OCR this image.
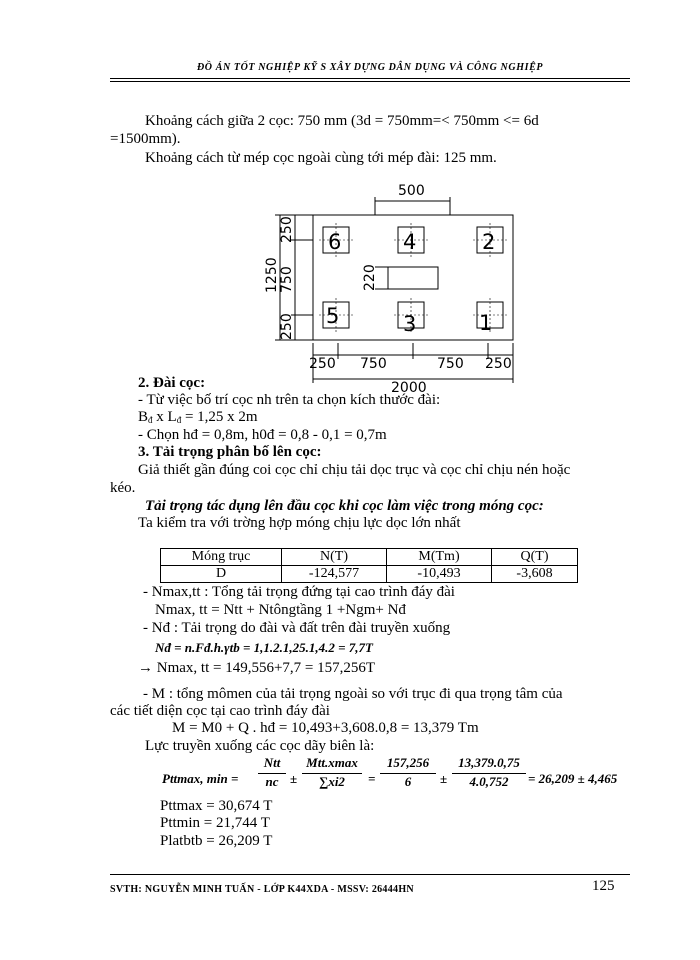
ĐỒ ÁN TỐT NGHIỆP KỸ S XÂY DỰNG DÂN DỤNG VÀ CÔNG NGHIỆP
Khoảng cách giữa 2 cọc: 750 mm (3d = 750mm=< 750mm <= 6d
=1500mm).
Khoảng cách từ mép cọc ngoài cùng tới mép đài: 125 mm.
6	4	2
5	3	1
500
1250
250
750
250
220
250 750	750 250
2000
2. Đài cọc:
- Từ việc bố trí cọc nh trên ta chọn kích thước đài:
$B_đ$ x $L_đ = 1,25$ x 2m
- Chọn hđ = 0,8m, h0đ = 0,8 - 0,1 = 0,7m
3. Tải trọng phân bố lên cọc:
Giả thiết gần đúng coi cọc chỉ chịu tải dọc trục và cọc chỉ chịu nén hoặc
kéo.
Tải trọng tác dụng lên đầu cọc khi cọc làm việc trong móng cọc:
Ta kiểm tra với trờng hợp móng chịu lực dọc lớn nhất
Móng trục	N(T)	M(Tm)	Q(T)
D	-124,577	-10,493	-3,608
- Nmax,tt : Tổng tải trọng đứng tại cao trình đáy đài
Nmax, tt = Ntt + Ntôngtầng 1 +Ngm+ Nđ
- Nđ : Tải trọng do đài và đất trên đài truyền xuống
Nđ = n.Fđ.h.γtb = 1,1.2.1,25.1,4.2 = 7,7T
→ Nmax, tt = 149,556+7,7 = 157,256T
- M : tổng mômen của tải trọng ngoài so với trục đi qua trọng tâm của
các tiết diện cọc tại cao trình đáy đài
M = M0 + Q . hđ = 10,493+3,608.0,8 = 13,379 Tm
Lực truyền xuống các cọc dãy biên là:
Pttmax, min =
Ntt
nc ±
Mtt.xmax
∑xi2	=
157,256
6	±
13,379.0,75
4.0,752	= 26,209 ± 4,465
Pttmax = 30,674 T
Pttmin = 21,744 T
Platbtb = 26,209 T
SVTH: NGUYỄN MINH TUẤN - LỚP K44XDA - MSSV: 26444HN	125
